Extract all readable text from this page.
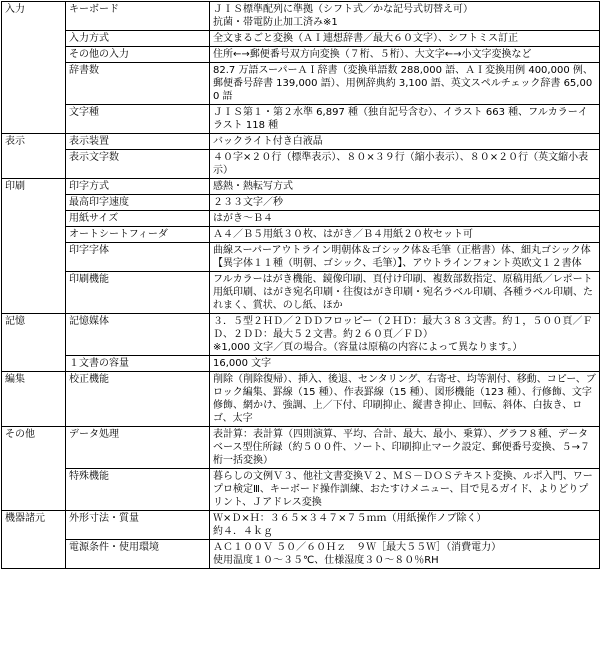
入力	キーボード	ＪＩＳ標準配列に準拠（シフト式／かな記号式切替え可）
抗菌・帯電防止加工済み※1
	入力方式	全文まるごと変換（ＡＩ連想辞書／最大６０文字）、シフトミス訂正
	その他の入力	住所←→郵便番号双方向変換（７桁、５桁）、大文字←→小文字変換など
	辞書数	82.7 万語スーパーＡＩ辞書（変換単語数 288,000 語、ＡＩ変換用例 400,000 例、郵便番号辞書 139,000 語）、用例辞典約 3,100 語、英文スペルチェック辞書 65,000 語
	文字種	ＪＩＳ第１・第２水準 6,897 種（独自記号含む）、イラスト 663 種、フルカラーイラスト 118 種
表示	表示装置	バックライト付き白液晶
	表示文字数	４０字×２０行（標準表示）、８０×３９行（縮小表示）、８０×２０行（英文縮小表示）
印刷	印字方式	感熱・熱転写方式
	最高印字速度	２３３文字／秒
	用紙サイズ	はがき～Ｂ４
	オートシートフィーダ	Ａ４／Ｂ５用紙３０枚、はがき／Ｂ４用紙２０枚セット可
	印字字体	曲線スーパーアウトライン明朝体＆ゴシック体＆毛筆（正楷書）体、細丸ゴシック体【異字体１１種（明朝、ゴシック、毛筆）】、アウトラインフォント英欧文１２書体
	印刷機能	フルカラーはがき機能、鏡像印刷、頁付け印刷、複数部数指定、原稿用紙／レポート用紙印刷、はがき宛名印刷・往復はがき印刷・宛名ラベル印刷、各種ラベル印刷、たれまく、賞状、のし紙、ほか
記憶	記憶媒体	３．５型２ＨＤ／２ＤＤフロッピー（２ＨＤ：最大３８３文書。約１，５００頁／ＦＤ、２ＤＤ：最大５２文書。約２６０頁／ＦＤ）
※1,000 文字／頁の場合。（容量は原稿の内容によって異なります。）
	１文書の容量	16,000 文字
編集	校正機能	削除（削除復帰）、挿入、後退、センタリング、右寄せ、均等割付、移動、コピー、ブロック編集、罫線（15 種）、作表罫線（15 種）、図形機能（123 種）、行修飾、文字修飾、網かけ、強調、上／下付、印刷抑止、縦書き抑止、回転、斜体、白抜き、ロゴ、太字
その他	データ処理	表計算：表計算（四則演算、平均、合計、最大、最小、乗算）、グラフ８種、データベース型住所録（約５００件、ソート、印刷抑止マーク設定、郵便番号変換、５→７桁一括変換）
	特殊機能	暮らしの文例Ｖ３、他社文書変換Ｖ２、ＭＳ－ＤＯＳテキスト変換、ルポ入門、ワープロ検定Ⅲ、キーボード操作訓練、おたすけメニュー、目で見るガイド、よりどりプリント、Ｊアドレス変換
機器諸元	外形寸法・質量	Ｗ×Ｄ×Ｈ：３６５×３４７×７５ｍｍ（用紙操作ノブ除く）
約４．４ｋｇ
	電源条件・使用環境	ＡＣ１００Ｖ ５０／６０Ｈｚ　９Ｗ［最大５５Ｗ］（消費電力）
使用温度１０～３５℃、仕様湿度３０～８０％RH
